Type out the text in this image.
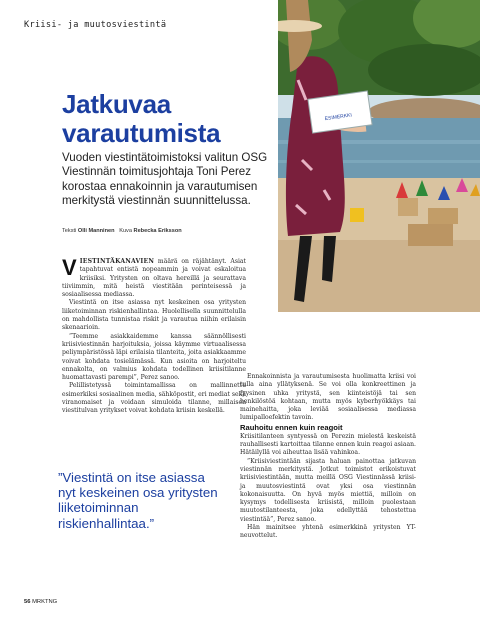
Kriisi- ja muutosviestintä
ESIMERKKI
Jatkuvaa
varautumista

Vuoden viestintätoimistoksi valitun OSG Viestinnän toimitusjohtaja Toni Perez korostaa ennakoinnin ja varautumisen merkitystä viestinnän suunnittelussa.

Teksti Olli Manninen Kuva Rebecka Eriksson

VIESTINTÄKANAVIEN määrä on räjähtänyt. Asiat tapahtuvat entistä nopeammin ja voivat eskaloitua kriisiksi. Yritysten on oltava hereillä ja seurattava tiiviimmin, mitä heistä viestitään perinteisessä ja sosiaalisessa mediassa.

Viestintä on itse asiassa nyt keskeinen osa yritysten liiketoiminnan riskienhallintaa. Huolellisella suunnittelulla on mahdollista tunnistaa riskit ja varautua niihin erilaisin skenaarioin.

”Teemme asiakkaidemme kanssa säännöllisesti kriisiviestinnän harjoituksia, joissa käymme virtuaalisessa peliympäristössä läpi erilaisia tilanteita, joita asiakkaamme voivat kohdata tosielämässä. Kun asioita on harjoiteltu ennakolta, on valmius kohdata todellinen kriisitilanne huomattavasti parempi”, Perez sanoo.

Pelillistetyssä toimintamallissa on mallinnettu esimerkiksi sosiaalinen media, sähköpostit, eri mediat sekä viranomaiset ja voidaan simuloida tilanne, millaisen viestitulvan yritykset voivat kohdata kriisin keskellä.

Ennakoinnista ja varautumisesta huolimatta kriisi voi tulla aina yllätyksenä. Se voi olla konkreettinen ja fyysinen uhka yritystä, sen kiinteistöjä tai sen henkilöstöä kohtaan, mutta myös kyberhyökkäys tai mainehaitta, joka leviää sosiaalisessa mediassa lumipalloefektin tavoin.

Rauhoitu ennen kuin reagoit

Kriisitilanteen syntyessä on Perezin mielestä keskeistä rauhallisesti kartoittaa tilanne ennen kuin reagoi asiaan. Hätäilyllä voi aiheuttaa lisää vahinkoa.

”Kriisiviestintään sijasta haluan painottaa jatkuvan viestinnän merkitystä. Jotkut toimistot erikoistuvat kriisiviestintään, mutta meillä OSG Viestinnässä kriisi- ja muutosviestintä ovat yksi osa viestinnän kokonaisuutta. On hyvä myös miettiä, milloin on kysymys todellisesta kriisistä, milloin puolestaan muutostilanteesta, joka edellyttää tehostettua viestintää”, Perez sanoo.

Hän mainitsee yhtenä esimerkkinä yritysten YT-neuvottelut.

”Viestintä on itse asiassa nyt keskeinen osa yritysten liiketoiminnan riskienhallintaa.”

56 MRKTNG
